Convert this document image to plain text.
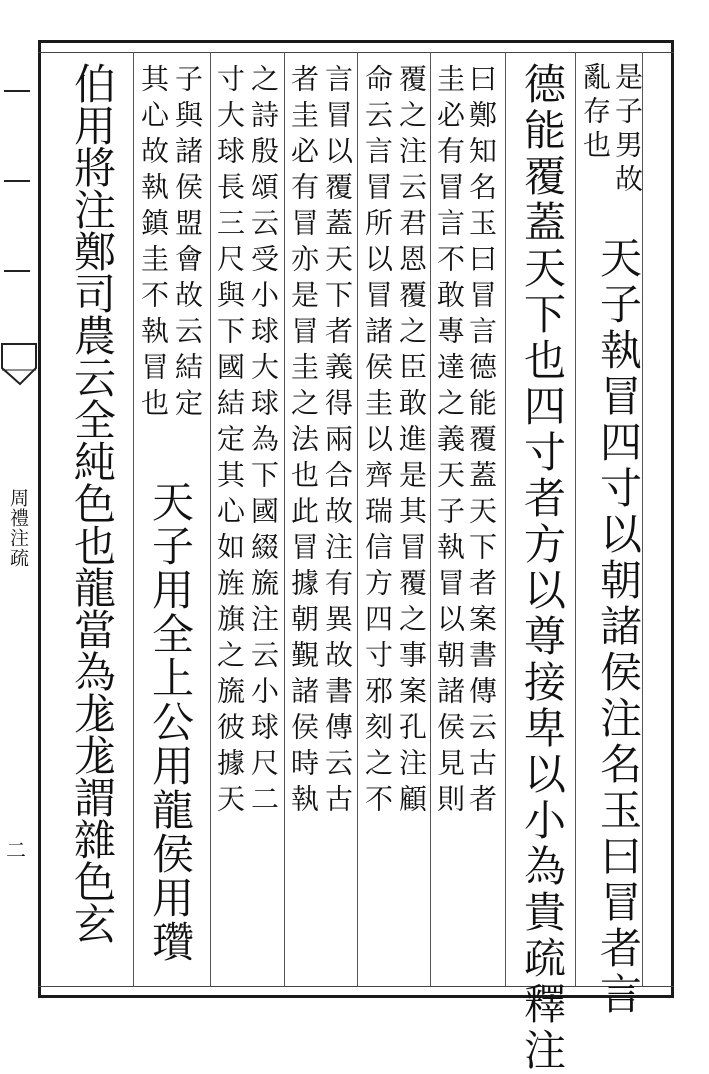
周禮注疏
二
是子男故
亂存也
天子執冒四寸以朝諸侯注名玉曰冒者言
德能覆蓋天下也四寸者方以尊接卑以小為貴疏釋注
曰鄭知名玉曰冒言德能覆蓋天下者案書傳云古者
圭必有冒言不敢專達之義天子執冒以朝諸侯見則
覆之注云君恩覆之臣敢進是其冒覆之事案孔注顧
命云言冒所以冒諸侯圭以齊瑞信方四寸邪刻之不
言冒以覆蓋天下者義得兩合故注有異故書傳云古
者圭必有冒亦是冒圭之法也此冒據朝覲諸侯時執
之詩殷頌云受小球大球為下國綴旒注云小球尺二
寸大球長三尺與下國結定其心如旌旗之旒彼據天
子與諸侯盟會故云結定
天子用全上公用龍侯用瓚
其心故執鎮圭不執冒也
伯用將注鄭司農云全純色也龍當為尨尨謂雜色玄
